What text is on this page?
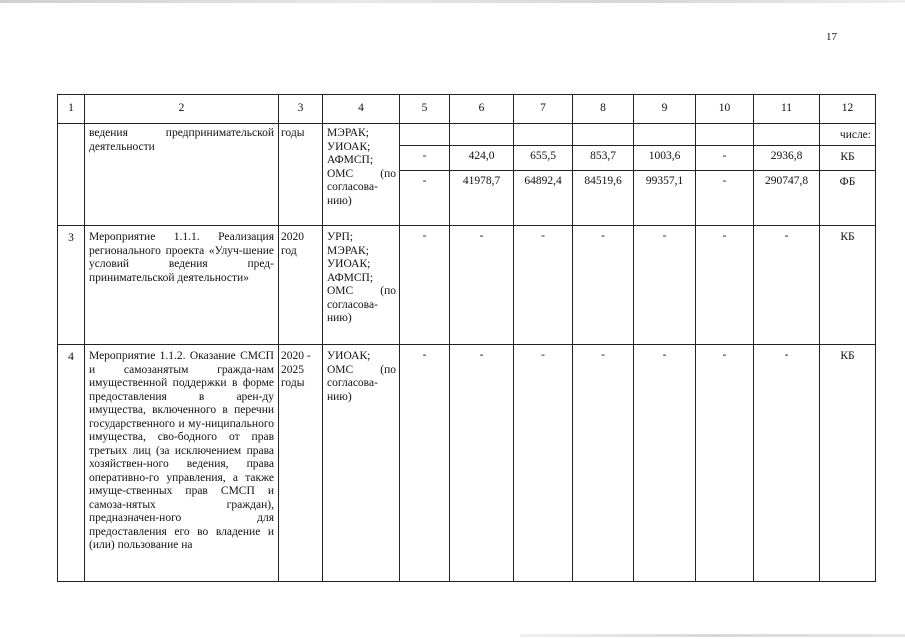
17
1	2	3	4	5	6	7	8	9	10	11	12

	ведения предпринимательской деятельности	годы	МЭРАК; УИОАК; АФМСП; ОМС (по согласова-нию)								числе:
				-	424,0	655,5	853,7	1003,6	-	2936,8	КБ
				-	41978,7	64892,4	84519,6	99357,1	-	290747,8	ФБ
3	Мероприятие 1.1.1. Реализация регионального проекта «Улуч-шение условий ведения пред-принимательской деятельности»	2020 год	УРП; МЭРАК; УИОАК; АФМСП; ОМС (по согласова-нию)	-	-	-	-	-	-	-	КБ
4	Мероприятие 1.1.2. Оказание СМСП и самозанятым гражда-нам имущественной поддержки в форме предоставления в арен-ду имущества, включенного в перечни государственного и му-ниципального имущества, сво-бодного от прав третьих лиц (за исключением права хозяйствен-ного ведения, права оперативно-го управления, а также имуще-ственных прав СМСП и самоза-нятых граждан), предназначен-ного для предоставления его во владение и (или) пользование на	2020 - 2025 годы	УИОАК; ОМС (по согласова-нию)	-	-	-	-	-	-	-	КБ
